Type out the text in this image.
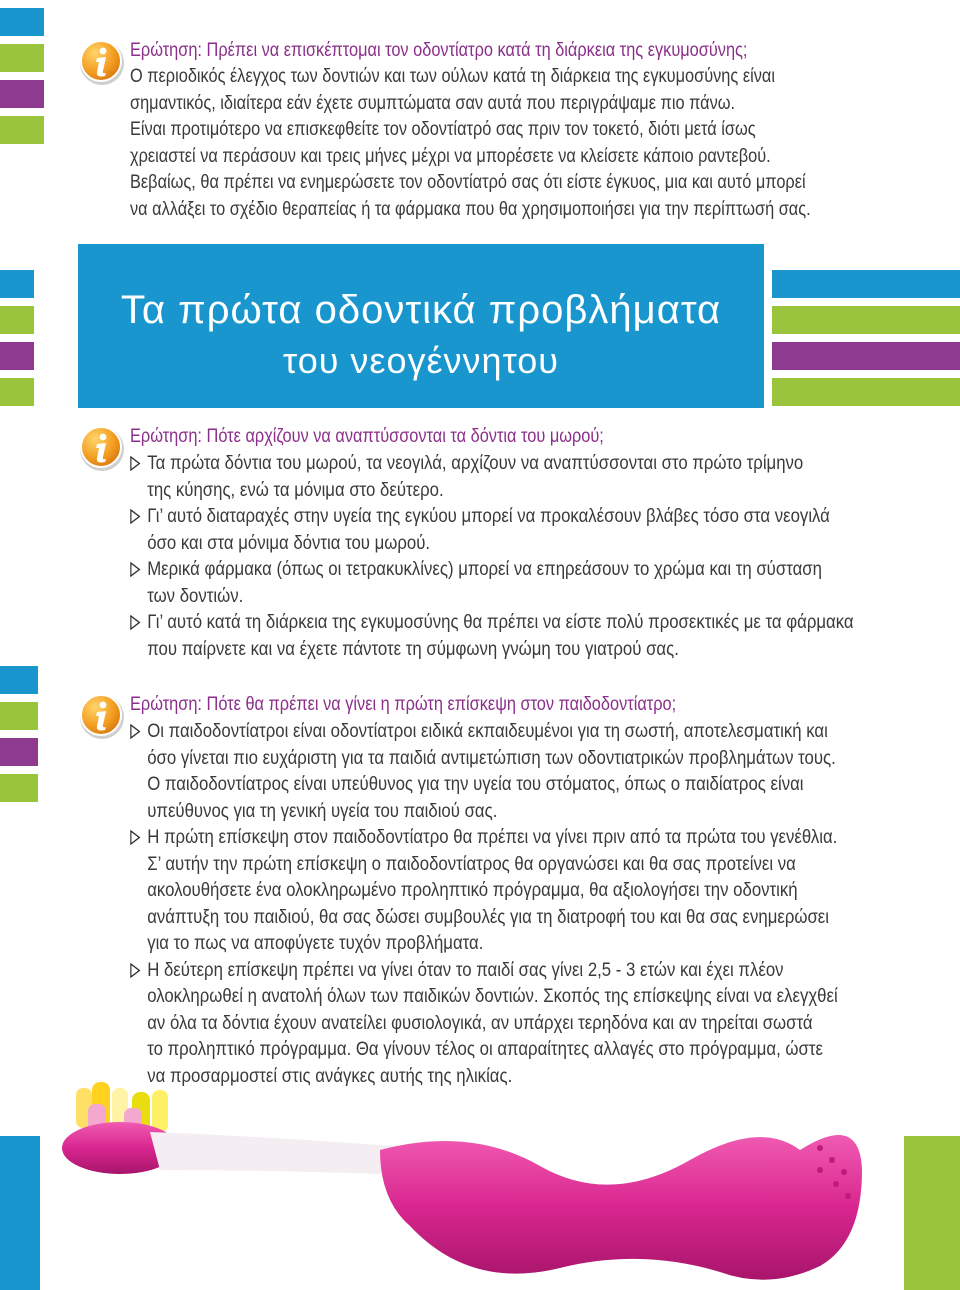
Ερώτηση: Πρέπει να επισκέπτομαι τον οδοντίατρο κατά τη διάρκεια της εγκυμοσύνης;
Ο περιοδικός έλεγχος των δοντιών και των ούλων κατά τη διάρκεια της εγκυμοσύνης είναι
σημαντικός, ιδιαίτερα εάν έχετε συμπτώματα σαν αυτά που περιγράψαμε πιο πάνω.
Είναι προτιμότερο να επισκεφθείτε τον οδοντίατρό σας πριν τον τοκετό, διότι μετά ίσως
χρειαστεί να περάσουν και τρεις μήνες μέχρι να μπορέσετε να κλείσετε κάποιο ραντεβού.
Βεβαίως, θα πρέπει να ενημερώσετε τον οδοντίατρό σας ότι είστε έγκυος, μια και αυτό μπορεί
να αλλάξει το σχέδιο θεραπείας ή τα φάρμακα που θα χρησιμοποιήσει για την περίπτωσή σας.
Τα πρώτα οδοντικά προβλήματα
του νεογέννητου
Ερώτηση: Πότε αρχίζουν να αναπτύσσονται τα δόντια του μωρού;
Τα πρώτα δόντια του μωρού, τα νεογιλά, αρχίζουν να αναπτύσσονται στο πρώτο τρίμηνο
της κύησης, ενώ τα μόνιμα στο δεύτερο.
Γι’ αυτό διαταραχές στην υγεία της εγκύου μπορεί να προκαλέσουν βλάβες τόσο στα νεογιλά
όσο και στα μόνιμα δόντια του μωρού.
Μερικά φάρμακα (όπως οι τετρακυκλίνες) μπορεί να επηρεάσουν το χρώμα και τη σύσταση
των δοντιών.
Γι’ αυτό κατά τη διάρκεια της εγκυμοσύνης θα πρέπει να είστε πολύ προσεκτικές με τα φάρμακα
που παίρνετε και να έχετε πάντοτε τη σύμφωνη γνώμη του γιατρού σας.
Ερώτηση: Πότε θα πρέπει να γίνει η πρώτη επίσκεψη στον παιδοδοντίατρο;
Οι παιδοδοντίατροι είναι οδοντίατροι ειδικά εκπαιδευμένοι για τη σωστή, αποτελεσματική και
όσο γίνεται πιο ευχάριστη για τα παιδιά αντιμετώπιση των οδοντιατρικών προβλημάτων τους.
Ο παιδοδοντίατρος είναι υπεύθυνος για την υγεία του στόματος, όπως ο παιδίατρος είναι
υπεύθυνος για τη γενική υγεία του παιδιού σας.
Η πρώτη επίσκεψη στον παιδοδοντίατρο θα πρέπει να γίνει πριν από τα πρώτα του γενέθλια.
Σ’ αυτήν την πρώτη επίσκεψη ο παιδοδοντίατρος θα οργανώσει και θα σας προτείνει να
ακολουθήσετε ένα ολοκληρωμένο προληπτικό πρόγραμμα, θα αξιολογήσει την οδοντική
ανάπτυξη του παιδιού, θα σας δώσει συμβουλές για τη διατροφή του και θα σας ενημερώσει
για το πως να αποφύγετε τυχόν προβλήματα.
Η δεύτερη επίσκεψη πρέπει να γίνει όταν το παιδί σας γίνει 2,5 - 3 ετών και έχει πλέον
ολοκληρωθεί η ανατολή όλων των παιδικών δοντιών. Σκοπός της επίσκεψης είναι να ελεγχθεί
αν όλα τα δόντια έχουν ανατείλει φυσιολογικά, αν υπάρχει τερηδόνα και αν τηρείται σωστά
το προληπτικό πρόγραμμα. Θα γίνουν τέλος οι απαραίτητες αλλαγές στο πρόγραμμα, ώστε
να προσαρμοστεί στις ανάγκες αυτής της ηλικίας.
